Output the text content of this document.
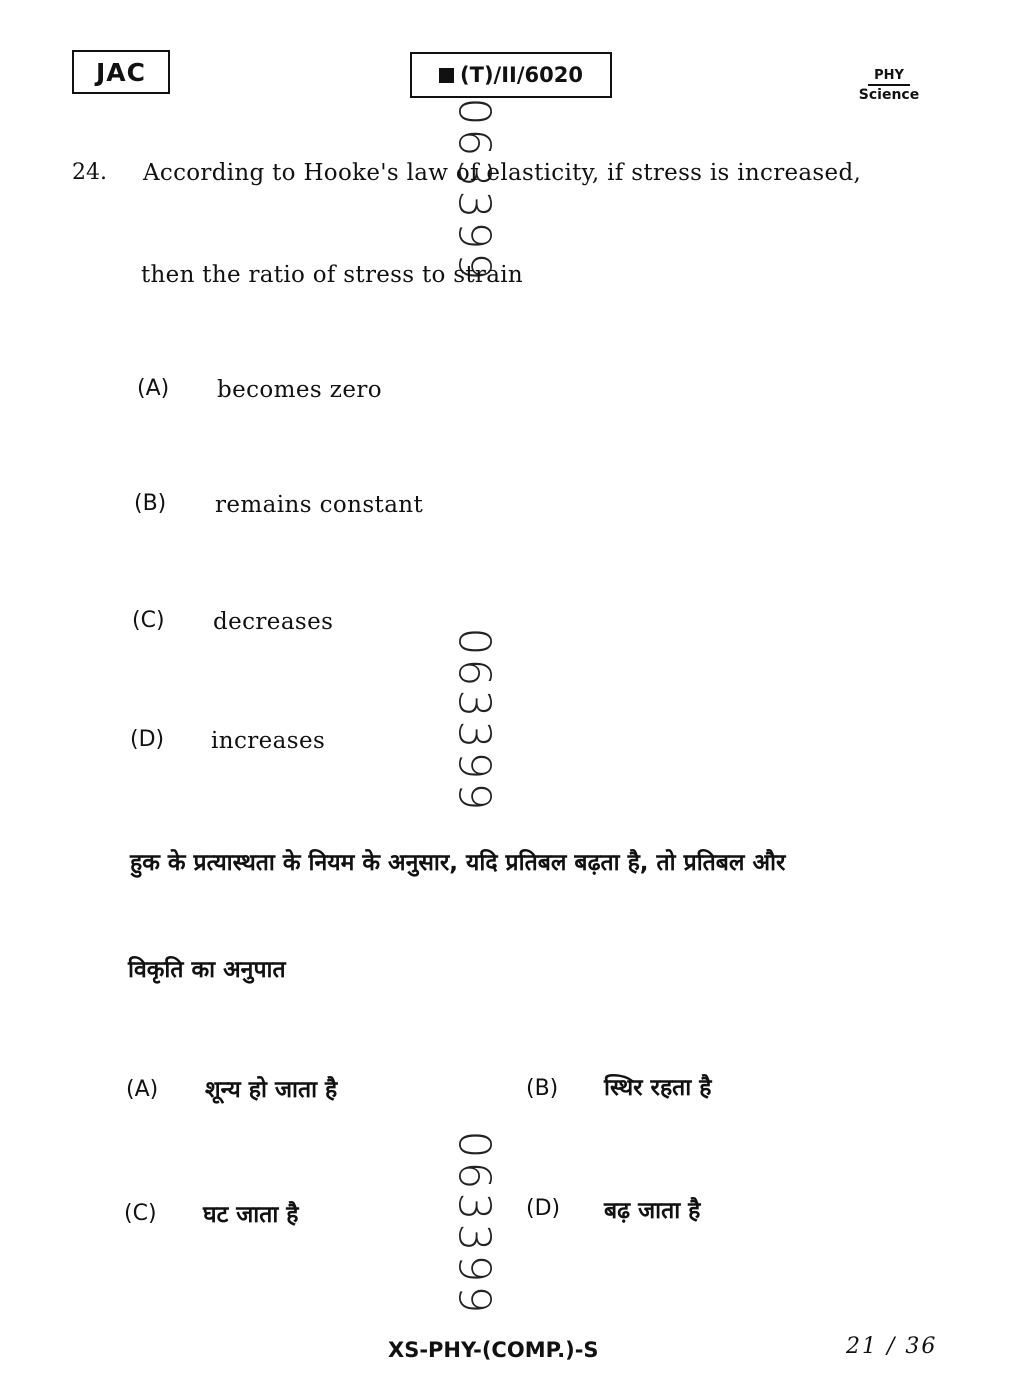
JAC	(T)/II/6020	PHY
Science
063399
063399
063399
24. According to Hooke's law of elasticity, if stress is increased,
then the ratio of stress to strain
(A) becomes zero
(B) remains constant
(C) decreases
(D) increases
हुक के प्रत्यास्थता के नियम के अनुसार, यदि प्रतिबल बढ़ता है, तो प्रतिबल और
विकृति का अनुपात
(A) शून्य हो जाता है	(B) स्थिर रहता है
(C) घट जाता है	(D) बढ़ जाता है
XS-PHY-(COMP.)-S	21 / 36
